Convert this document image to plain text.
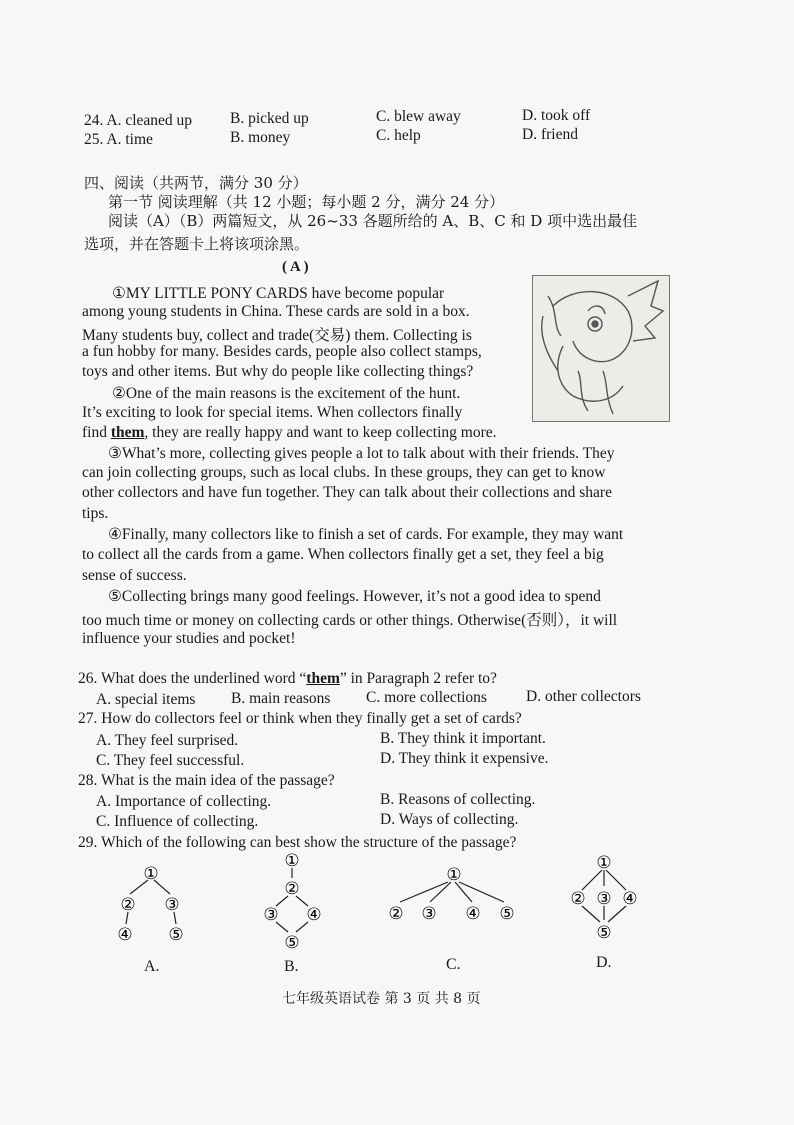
24. A. cleaned up B. picked up	C. blew away	D. took off
25. A. time	B. money	C. help	D. friend
四、阅读（共两节，满分 30 分）
第一节 阅读理解（共 12 小题；每小题 2 分，满分 24 分）
阅读（A）（B）两篇短文，从 26~33 各题所给的 A、B、C 和 D 项中选出最佳
选项，并在答题卡上将该项涂黑。
( A )
①MY LITTLE PONY CARDS have become popular
among young students in China. These cards are sold in a box.
Many students buy, collect and trade(交易) them. Collecting is
a fun hobby for many. Besides cards, people also collect stamps,
toys and other items. But why do people like collecting things?
②One of the main reasons is the excitement of the hunt.
It’s exciting to look for special items. When collectors finally
find them, they are really happy and want to keep collecting more.
③What’s more, collecting gives people a lot to talk about with their friends. They
can join collecting groups, such as local clubs. In these groups, they can get to know
other collectors and have fun together. They can talk about their collections and share
tips.
④Finally, many collectors like to finish a set of cards. For example, they may want
to collect all the cards from a game. When collectors finally get a set, they feel a big
sense of success.
⑤Collecting brings many good feelings. However, it’s not a good idea to spend
too much time or money on collecting cards or other things. Otherwise(否则），it will
influence your studies and pocket!
26. What does the underlined word “them” in Paragraph 2 refer to?
A. special items B. main reasons C. more collections	D. other collectors
27. How do collectors feel or think when they finally get a set of cards?
A. They feel surprised.	B. They think it important.
C. They feel successful.	D. They think it expensive.
28. What is the main idea of the passage?
A. Importance of collecting.	B. Reasons of collecting.
C. Influence of collecting.	D. Ways of collecting.
29. Which of the following can best show the structure of the passage?
①
② ③
④ ⑤
A.
①
②
③ ④
⑤
B.
①
② ③ ④ ⑤
C.
①
② ③ ④
⑤
D.
七年级英语试卷 第 3 页 共 8 页
